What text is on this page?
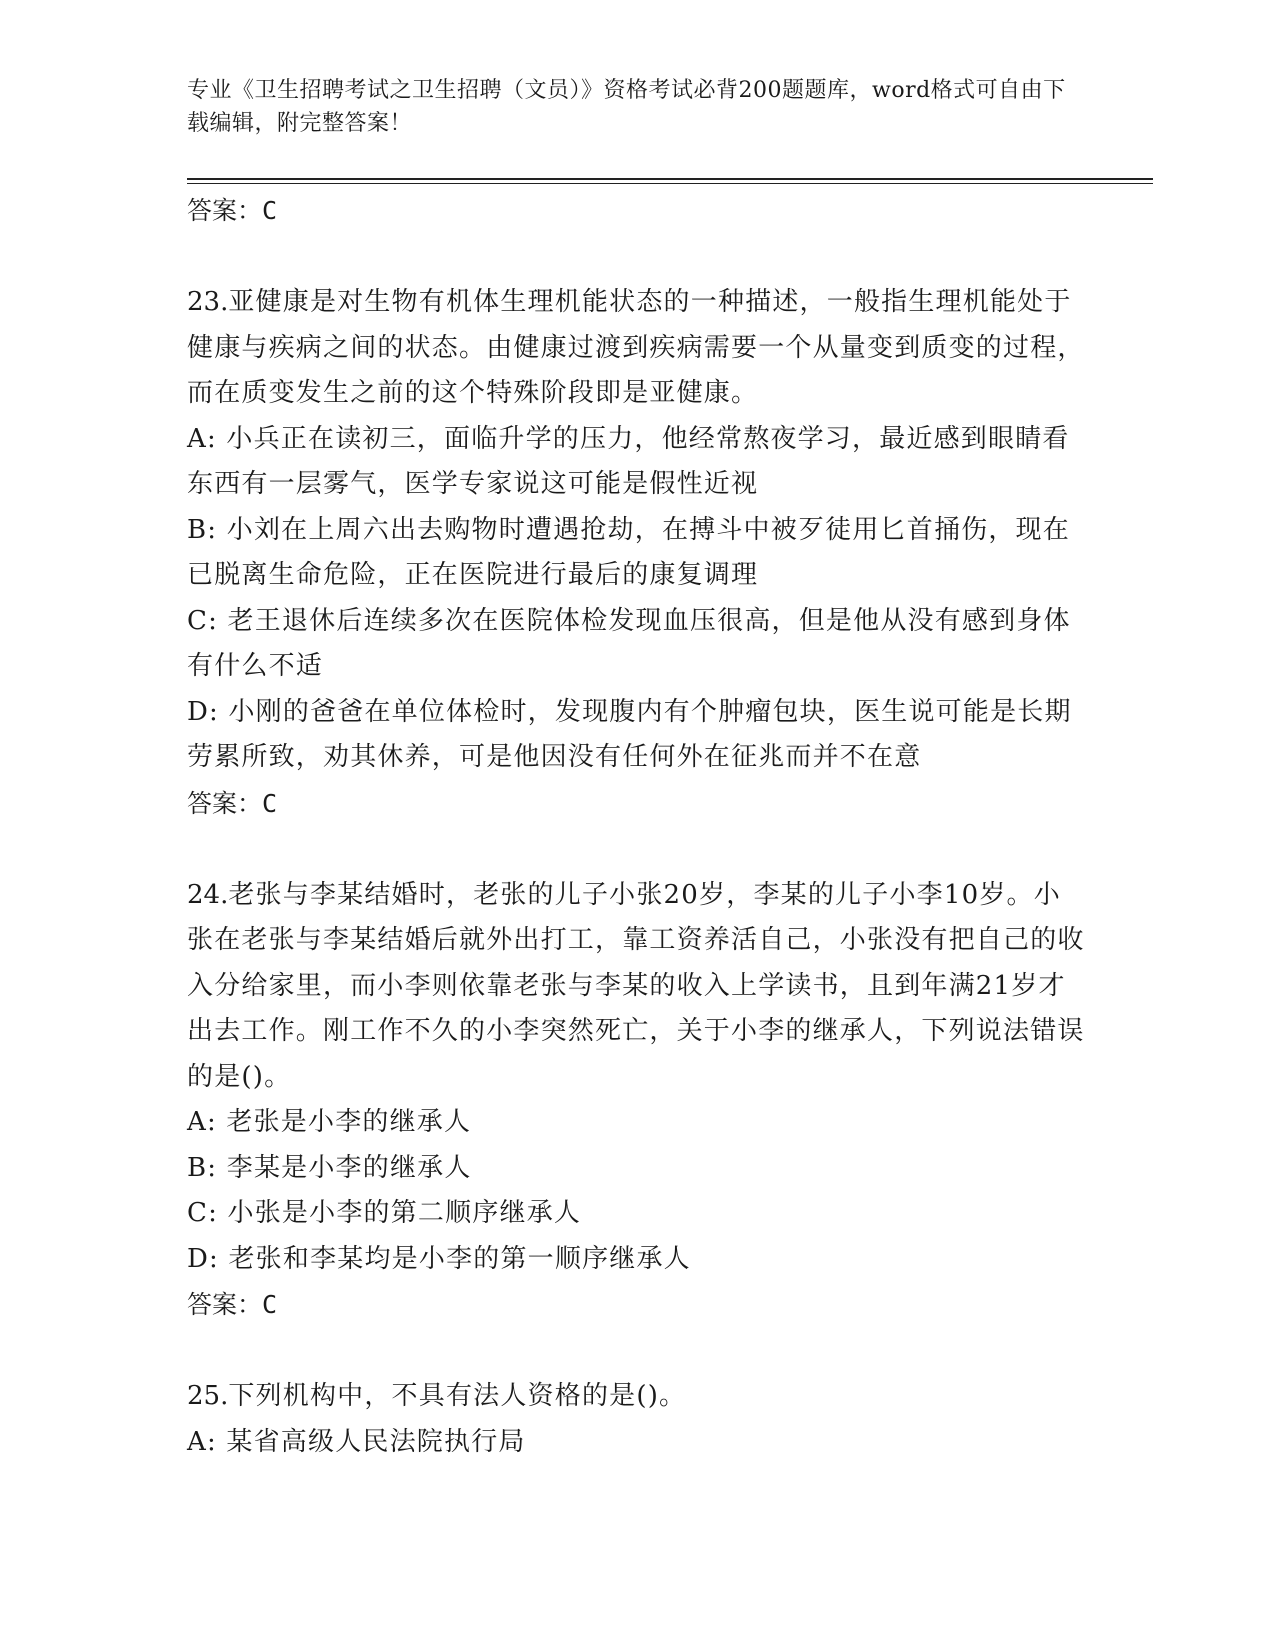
专业《卫生招聘考试之卫生招聘（文员）》资格考试必背200题题库，word格式可自由下载编辑，附完整答案！
答案：C

23.亚健康是对生物有机体生理机能状态的一种描述，一般指生理机能处于健康与疾病之间的状态。由健康过渡到疾病需要一个从量变到质变的过程，而在质变发生之前的这个特殊阶段即是亚健康。

A: 小兵正在读初三，面临升学的压力，他经常熬夜学习，最近感到眼睛看东西有一层雾气，医学专家说这可能是假性近视

B: 小刘在上周六出去购物时遭遇抢劫，在搏斗中被歹徒用匕首捅伤，现在已脱离生命危险，正在医院进行最后的康复调理

C: 老王退休后连续多次在医院体检发现血压很高，但是他从没有感到身体有什么不适

D: 小刚的爸爸在单位体检时，发现腹内有个肿瘤包块，医生说可能是长期劳累所致，劝其休养，可是他因没有任何外在征兆而并不在意

答案：C

24.老张与李某结婚时，老张的儿子小张20岁，李某的儿子小李10岁。小张在老张与李某结婚后就外出打工，靠工资养活自己，小张没有把自己的收入分给家里，而小李则依靠老张与李某的收入上学读书，且到年满21岁才出去工作。刚工作不久的小李突然死亡，关于小李的继承人，下列说法错误的是()。

A: 老张是小李的继承人

B: 李某是小李的继承人

C: 小张是小李的第二顺序继承人

D: 老张和李某均是小李的第一顺序继承人

答案：C

25.下列机构中，不具有法人资格的是()。

A: 某省高级人民法院执行局
